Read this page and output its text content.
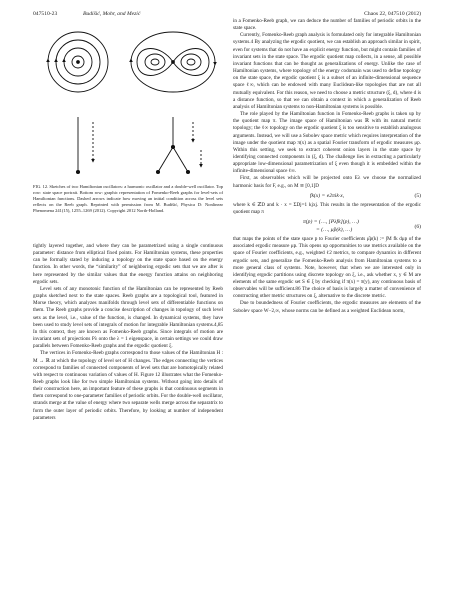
047510-23	Budišić, Mohr, and Mezić	Chaos 22, 047510 (2012)
FIG. 12. Sketches of two Hamiltonian oscillators: a harmonic oscillator and a double-well oscillator. Top row: state space portrait. Bottom row: graphic representation of Fomenko-Reeb graphs for level-sets of Hamiltonian functions. Dashed arrows indicate how moving an initial condition across the level sets reflects on the Reeb graph. Reprinted with permission from M. Budišić, Physica D: Nonlinear Phenomena 241(15), 1255–1269 (2012). Copyright 2012 North-Holland.

tightly layered together, and where they can be parametrized using a single continuous parameter: distance from elliptical fixed points. For Hamiltonian systems, these properties can be formally stated by inducing a topology on the state space based on the energy function. In other words, the “similarity” of neighboring ergodic sets that we are after is here represented by the similar values that the energy function attains on neighboring ergodic sets.

Level sets of any monotonic function of the Hamiltonian can be represented by Reeb graphs sketched next to the state spaces. Reeb graphs are a topological tool, featured in Morse theory, which analyzes manifolds through level sets of differentiable functions on them. The Reeb graphs provide a concise description of changes in topology of such level sets as the level, i.e., value of the function, is changed. In dynamical systems, they have been used to study level sets of integrals of motion for integrable Hamiltonian systems.4,85 In this context, they are known as Fomenko-Reeb graphs. Since integrals of motion are invariant sets of projections Pλ onto the λ = 1 eigenspace, in certain settings we could draw parallels between Fomenko-Reeb graphs and the ergodic quotient ξ.

The vertices in Fomenko-Reeb graphs correspond to those values of the Hamiltonian H : M → ℝ at which the topology of level set of H changes. The edges connecting the vertices correspond to families of connected components of level sets that are homotopically related with respect to continuous variation of values of H. Figure 12 illustrates what the Fomenko-Reeb graphs look like for two simple Hamiltonian systems. Without going into details of their construction here, an important feature of these graphs is that continuous segments in them correspond to one-parameter families of periodic orbits. For the double-well oscillator, strands merge at the value of energy where two separate wells merge across the separatrix to form the outer layer of periodic orbits. Therefore, by looking at number of independent parameters

in a Fomenko-Reeb graph, we can deduce the number of families of periodic orbits in the state space.

Currently, Fomenko-Reeb graph analysis is formulated only for integrable Hamiltonian systems.4 By analyzing the ergodic quotient, we can establish an approach similar in spirit, even for systems that do not have an explicit energy function, but might contain families of invariant sets in the state space. The ergodic quotient map collects, in a sense, all possible invariant functions that can be thought as generalizations of energy. Unlike the case of Hamiltonian systems, where topology of the energy codomain was used to define topology on the state space, the ergodic quotient ξ is a subset of an infinite-dimensional sequence space ℓ∞, which can be endowed with many Euclidean-like topologies that are not all mutually equivalent. For this reason, we need to choose a metric structure (ξ, d), where d is a distance function, so that we can obtain a context in which a generalization of Reeb analysis of Hamiltonian systems to non-Hamiltonian systems is possible.

The role played by the Hamiltonian function in Fomenko-Reeb graphs is taken up by the quotient map π. The image space of Hamiltonian was ℝ with its natural metric topology; the ℓ∞ topology on the ergodic quotient ξ is too sensitive to establish analogous arguments. Instead, we will use a Sobolev space metric which requires interpretation of the image under the quotient map π(x) as a spatial Fourier transform of ergodic measures μp. Within this setting, we seek to extract coherent onion layers in the state space by identifying connected components in (ξ, d). The challenge lies in extracting a particularly appropriate low-dimensional parametrization of ξ even though it is embedded within the infinite-dimensional space ℓ∞.

First, as observables which will be projected onto Eλ we choose the normalized harmonic basis for F, e.g., on M ≅ [0,1]D

fk(x) = e2πik·x,	(5)

where k ∈ ℤD and k · x = ΣDj=1 kjxj. This results in the representation of the ergodic quotient map π

π(p) = (…, [Pλfk](p), …)
= (…, μ̂p(k), …)	(6)

that maps the points of the state space p to Fourier coefficients μ̂p(k) := ∫M fk dμp of the associated ergodic measure μp. This opens up opportunities to use metrics available on the space of Fourier coefficients, e.g., weighted ℓ2 metrics, to compare dynamics in different ergodic sets, and generalize the Fomenko-Reeb analysis from Hamiltonian systems to a more general class of systems. Note, however, that when we are interested only in identifying ergodic partitions using discrete topology on ξ, i.e., ask whether x, y ∈ M are elements of the same ergodic set S ∈ ξ by checking if π(x) = π(y), any continuous basis of observables will be sufficient.86 The choice of basis is largely a matter of convenience of constructing other metric structures on ξ, alternative to the discrete metric.

Due to boundedness of Fourier coefficients, the ergodic measures are elements of the Sobolev space W−2,∞, whose norms can be defined as a weighted Euclidean norm,
